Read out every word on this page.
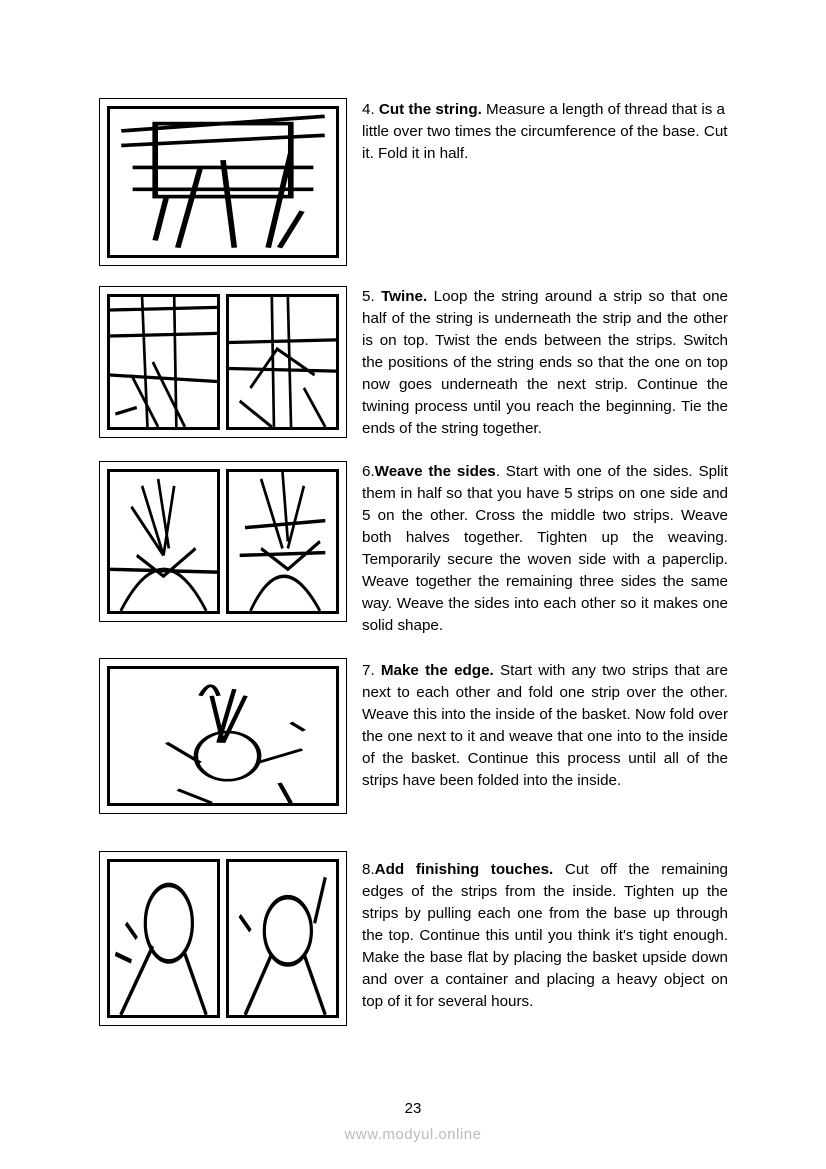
4. Cut the string. Measure a length of thread that is a little over two times the circumference of the base. Cut it. Fold it in half.
5. Twine. Loop the string around a strip so that one half of the string is underneath the strip and the other is on top. Twist the ends between the strips. Switch the positions of the string ends so that the one on top now goes underneath the next strip. Continue the twining process until you reach the beginning. Tie the ends of the string together.
6.Weave the sides. Start with one of the sides. Split them in half so that you have 5 strips on one side and 5 on the other. Cross the middle two strips. Weave both halves together. Tighten up the weaving. Temporarily secure the woven side with a paperclip. Weave together the remaining three sides the same way. Weave the sides into each other so it makes one solid shape.
7. Make the edge. Start with any two strips that are next to each other and fold one strip over the other. Weave this into the inside of the basket. Now fold over the one next to it and weave that one into to the inside of the basket. Continue this process until all of the strips have been folded into the inside.
8.Add finishing touches. Cut off the remaining edges of the strips from the inside. Tighten up the strips by pulling each one from the base up through the top. Continue this until you think it's tight enough. Make the base flat by placing the basket upside down and over a container and placing a heavy object on top of it for several hours.
23
www.modyul.online
